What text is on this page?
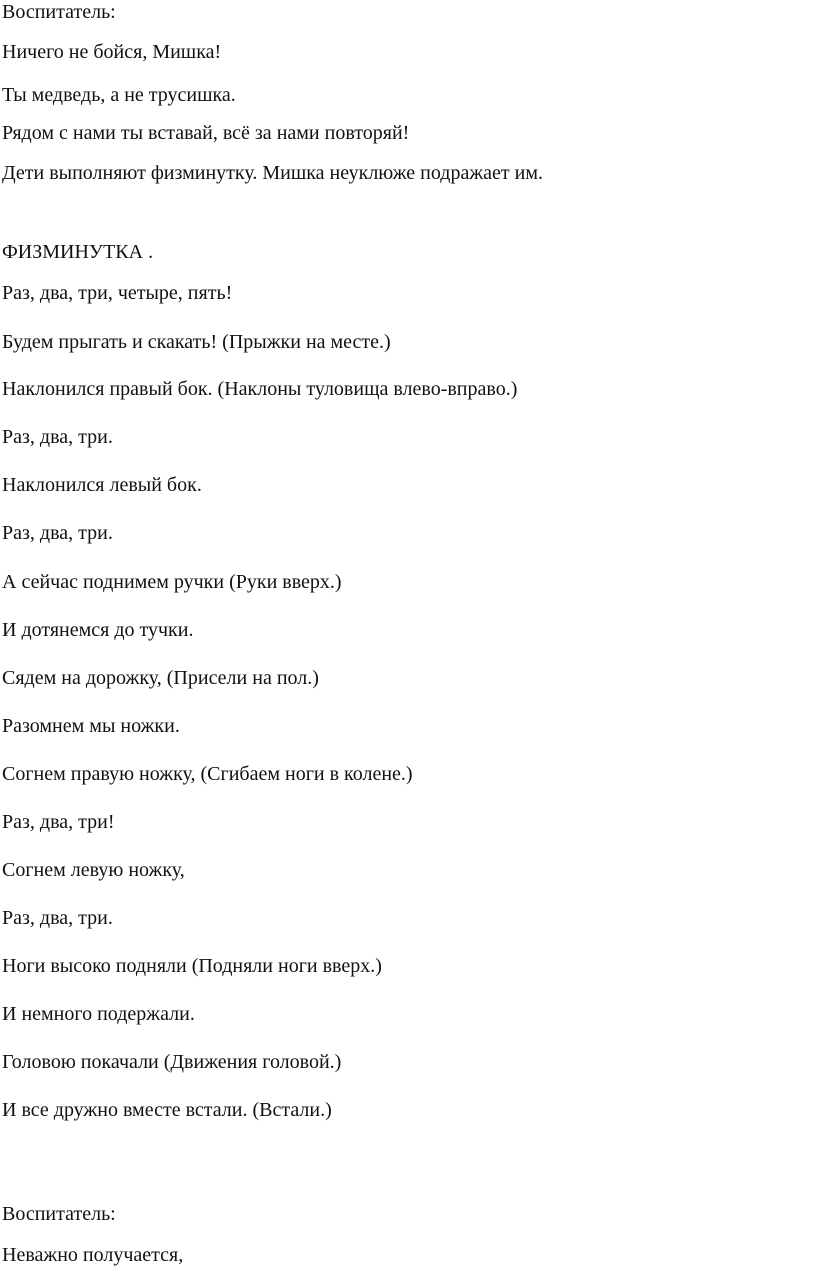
Воспитатель:
Ничего не бойся, Мишка!
Ты медведь, а не трусишка.
Рядом с нами ты вставай, всё за нами повторяй!
Дети выполняют физминутку. Мишка неуклюже подражает им.
ФИЗМИНУТКА .
Раз, два, три, четыре, пять!
Будем прыгать и скакать! (Прыжки на месте.)
Наклонился правый бок. (Наклоны туловища влево-вправо.)
Раз, два, три.
Наклонился левый бок.
Раз, два, три.
А сейчас поднимем ручки (Руки вверх.)
И дотянемся до тучки.
Сядем на дорожку, (Присели на пол.)
Разомнем мы ножки.
Согнем правую ножку, (Сгибаем ноги в колене.)
Раз, два, три!
Согнем левую ножку,
Раз, два, три.
Ноги высоко подняли (Подняли ноги вверх.)
И немного подержали.
Головою покачали (Движения головой.)
И все дружно вместе встали. (Встали.)
Воспитатель:
Неважно получается,
